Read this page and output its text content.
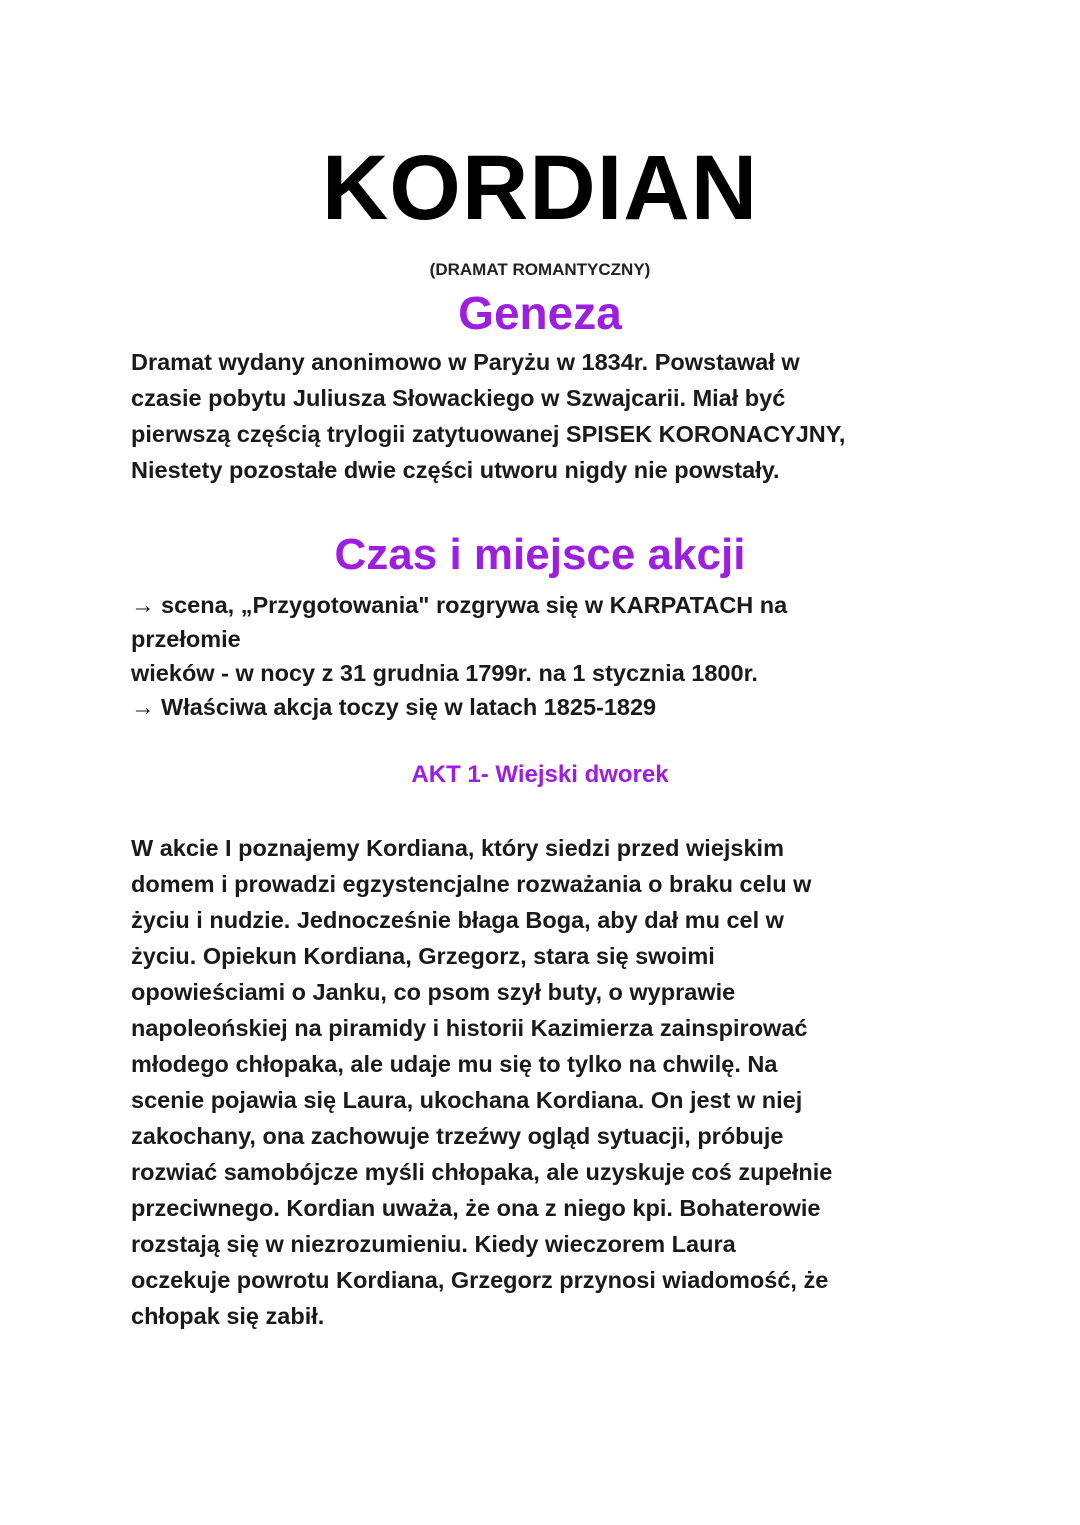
KORDIAN
(DRAMAT ROMANTYCZNY)
Geneza
Dramat wydany anonimowo w Paryżu w 1834r. Powstawał w
czasie pobytu Juliusza Słowackiego w Szwajcarii. Miał być
pierwszą częścią trylogii zatytuowanej SPISEK KORONACYJNY,
Niestety pozostałe dwie części utworu nigdy nie powstały.
Czas i miejsce akcji
→ scena, „Przygotowania" rozgrywa się w KARPATACH na
przełomie
wieków - w nocy z 31 grudnia 1799r. na 1 stycznia 1800r.
→ Właściwa akcja toczy się w latach 1825-1829
AKT 1- Wiejski dworek
W akcie I poznajemy Kordiana, który siedzi przed wiejskim
domem i prowadzi egzystencjalne rozważania o braku celu w
życiu i nudzie. Jednocześnie błaga Boga, aby dał mu cel w
życiu. Opiekun Kordiana, Grzegorz, stara się swoimi
opowieściami o Janku, co psom szył buty, o wyprawie
napoleońskiej na piramidy i historii Kazimierza zainspirować
młodego chłopaka, ale udaje mu się to tylko na chwilę. Na
scenie pojawia się Laura, ukochana Kordiana. On jest w niej
zakochany, ona zachowuje trzeźwy ogląd sytuacji, próbuje
rozwiać samobójcze myśli chłopaka, ale uzyskuje coś zupełnie
przeciwnego. Kordian uważa, że ona z niego kpi. Bohaterowie
rozstają się w niezrozumieniu. Kiedy wieczorem Laura
oczekuje powrotu Kordiana, Grzegorz przynosi wiadomość, że
chłopak się zabił.
